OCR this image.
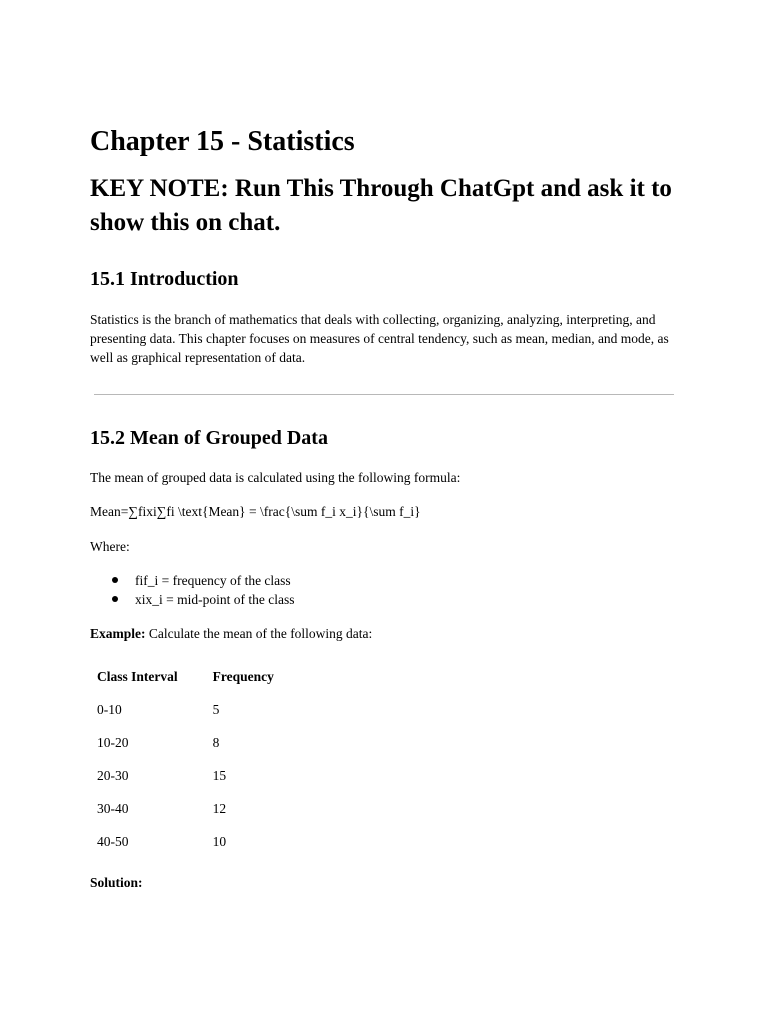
Chapter 15 - Statistics
KEY NOTE: Run This Through ChatGpt and ask it to show this on chat.
15.1 Introduction

Statistics is the branch of mathematics that deals with collecting, organizing, analyzing, interpreting, and presenting data. This chapter focuses on measures of central tendency, such as mean, median, and mode, as well as graphical representation of data.

15.2 Mean of Grouped Data

The mean of grouped data is calculated using the following formula:

Mean=∑fixi∑fi \text{Mean} = \frac{\sum f_i x_i}{\sum f_i}

Where:

fif_i = frequency of the class
xix_i = mid-point of the class

Example: Calculate the mean of the following data:

Class Interval	Frequency
0-10	5
10-20	8
20-30	15
30-40	12
40-50	10

Solution:
